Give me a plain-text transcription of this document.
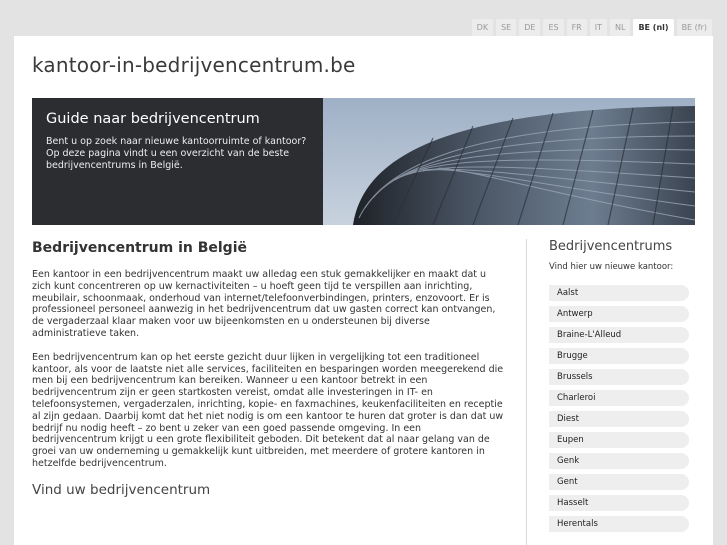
DK	SE	DE	ES	FR	IT	NL	BE (nl)	BE (fr)
kantoor-in-bedrijvencentrum.be
Guide naar bedrijvencentrum

Bent u op zoek naar nieuwe kantoorruimte of kantoor? Op deze pagina vindt u een overzicht van de beste bedrijvencentrums in België.

Bedrijvencentrum in België

Een kantoor in een bedrijvencentrum maakt uw alledag een stuk gemakkelijker en maakt dat u zich kunt concentreren op uw kernactiviteiten – u hoeft geen tijd te verspillen aan inrichting, meubilair, schoonmaak, onderhoud van internet/telefoonverbindingen, printers, enzovoort. Er is professioneel personeel aanwezig in het bedrijvencentrum dat uw gasten correct kan ontvangen, de vergaderzaal klaar maken voor uw bijeenkomsten en u ondersteunen bij diverse administratieve taken.

Een bedrijvencentrum kan op het eerste gezicht duur lijken in vergelijking tot een traditioneel kantoor, als voor de laatste niet alle services, faciliteiten en besparingen worden meegerekend die men bij een bedrijvencentrum kan bereiken. Wanneer u een kantoor betrekt in een bedrijvencentrum zijn er geen startkosten vereist, omdat alle investeringen in IT- en telefoonsystemen, vergaderzalen, inrichting, kopie- en faxmachines, keukenfaciliteiten en receptie al zijn gedaan. Daarbij komt dat het niet nodig is om een kantoor te huren dat groter is dan dat uw bedrijf nu nodig heeft – zo bent u zeker van een goed passende omgeving. In een bedrijvencentrum krijgt u een grote flexibiliteit geboden. Dit betekent dat al naar gelang van de groei van uw onderneming u gemakkelijk kunt uitbreiden, met meerdere of grotere kantoren in hetzelfde bedrijvencentrum.

Vind uw bedrijvencentrum
Bedrijvencentrums

Vind hier uw nieuwe kantoor:

Aalst
Antwerp
Braine-L'Alleud
Brugge
Brussels
Charleroi
Diest
Eupen
Genk
Gent
Hasselt
Herentals
